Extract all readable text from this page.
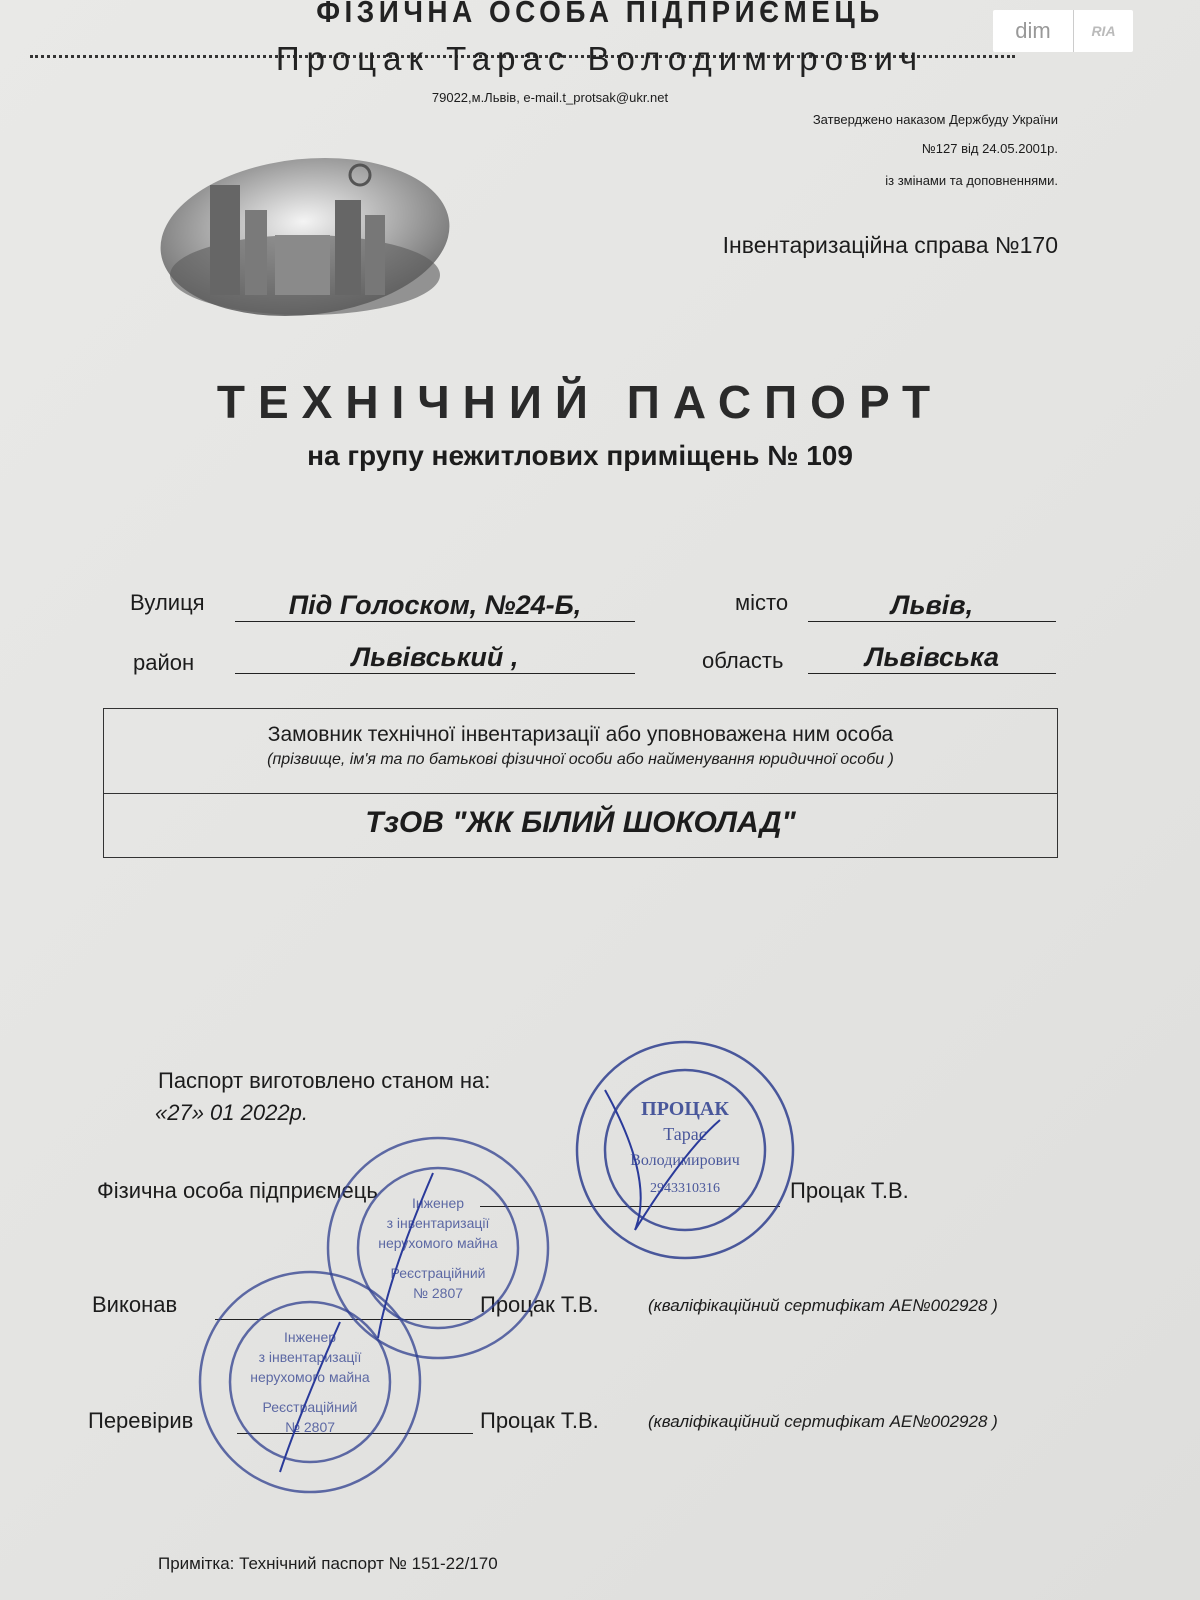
ФІЗИЧНА ОСОБА ПІДПРИЄМЕЦЬ
Процак Тарас Володимирович
79022,м.Львів, e-mail.t_protsak@ukr.net
dim	RIA
Затверджено наказом Держбуду України
№127 від 24.05.2001р.
із змінами та доповненнями.
Інвентаризаційна справа №170
ТЕХНІЧНИЙ ПАСПОРТ
на групу нежитлових приміщень № 109
Вулиця	Під Голоском, №24-Б,	місто	Львів,
район	Львівський ,	область	Львівська
Замовник технічної інвентаризації або уповноважена ним особа
(прізвище, ім'я та по батькові фізичної особи або найменування юридичної особи )
ТзОВ "ЖК БІЛИЙ ШОКОЛАД"
Паспорт виготовлено станом на:
«27» 01 2022р.
Фізична особа підприємець	Процак Т.В.
Виконав	Процак Т.В.	(кваліфікаційний сертифікат АЕ№002928 )
Перевірив	Процак Т.В.	(кваліфікаційний сертифікат АЕ№002928 )
ПРОЦАК
Тарас
Володимирович
2943310316
Інженер
з інвентаризації
нерухомого майна
Реєстраційний
№ 2807
Інженер
з інвентаризації
нерухомого майна
Реєстраційний
№ 2807
Примітка: Технічний паспорт № 151-22/170
